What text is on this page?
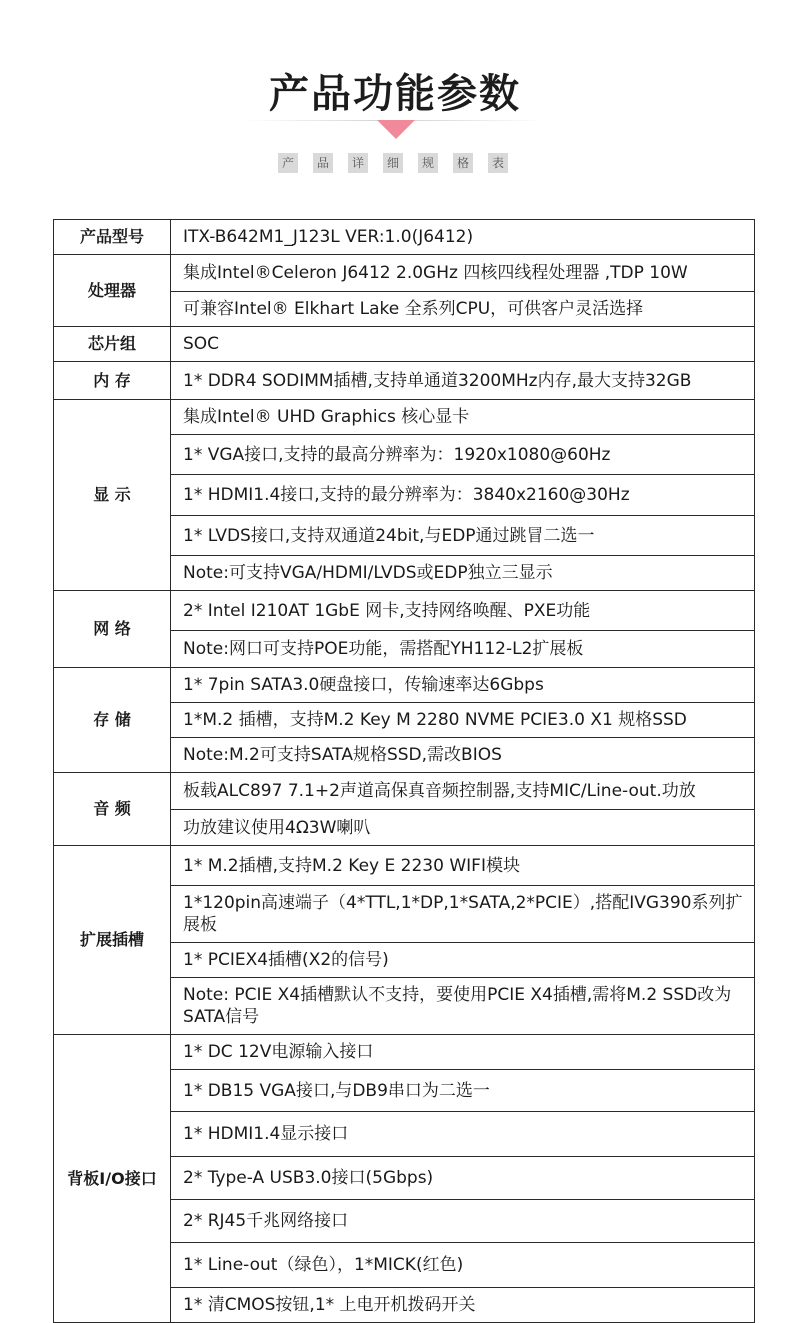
产品功能参数
产	品	详	细	规	格	表
产品型号	ITX-B642M1_J123L VER:1.0(J6412)
处理器	集成Intel®Celeron J6412 2.0GHz 四核四线程处理器 ,TDP 10W
	可兼容Intel® Elkhart Lake 全系列CPU，可供客户灵活选择
芯片组	SOC
内 存	1* DDR4 SODIMM插槽,支持单通道3200MHz内存,最大支持32GB
显 示	集成Intel® UHD Graphics 核心显卡
	1* VGA接口,支持的最高分辨率为：1920x1080@60Hz
	1* HDMI1.4接口,支持的最分辨率为：3840x2160@30Hz
	1* LVDS接口,支持双通道24bit,与EDP通过跳冒二选一
	Note:可支持VGA/HDMI/LVDS或EDP独立三显示
网 络	2* Intel I210AT 1GbE 网卡,支持网络唤醒、PXE功能
	Note:网口可支持POE功能，需搭配YH112-L2扩展板
存 储	1* 7pin SATA3.0硬盘接口，传输速率达6Gbps
	1*M.2 插槽，支持M.2 Key M 2280 NVME PCIE3.0 X1 规格SSD
	Note:M.2可支持SATA规格SSD,需改BIOS
音 频	板载ALC897 7.1+2声道高保真音频控制器,支持MIC/Line-out.功放
	功放建议使用4Ω3W喇叭
扩展插槽	1* M.2插槽,支持M.2 Key E 2230 WIFI模块
	1*120pin高速端子（4*TTL,1*DP,1*SATA,2*PCIE）,搭配IVG390系列扩展板
	1* PCIEX4插槽(X2的信号)
	Note: PCIE X4插槽默认不支持，要使用PCIE X4插槽,需将M.2 SSD改为SATA信号
背板I/O接口	1* DC 12V电源输入接口
	1* DB15 VGA接口,与DB9串口为二选一
	1* HDMI1.4显示接口
	2* Type-A USB3.0接口(5Gbps)
	2* RJ45千兆网络接口
	1* Line-out（绿色），1*MICK(红色)
	1* 清CMOS按钮,1* 上电开机拨码开关
